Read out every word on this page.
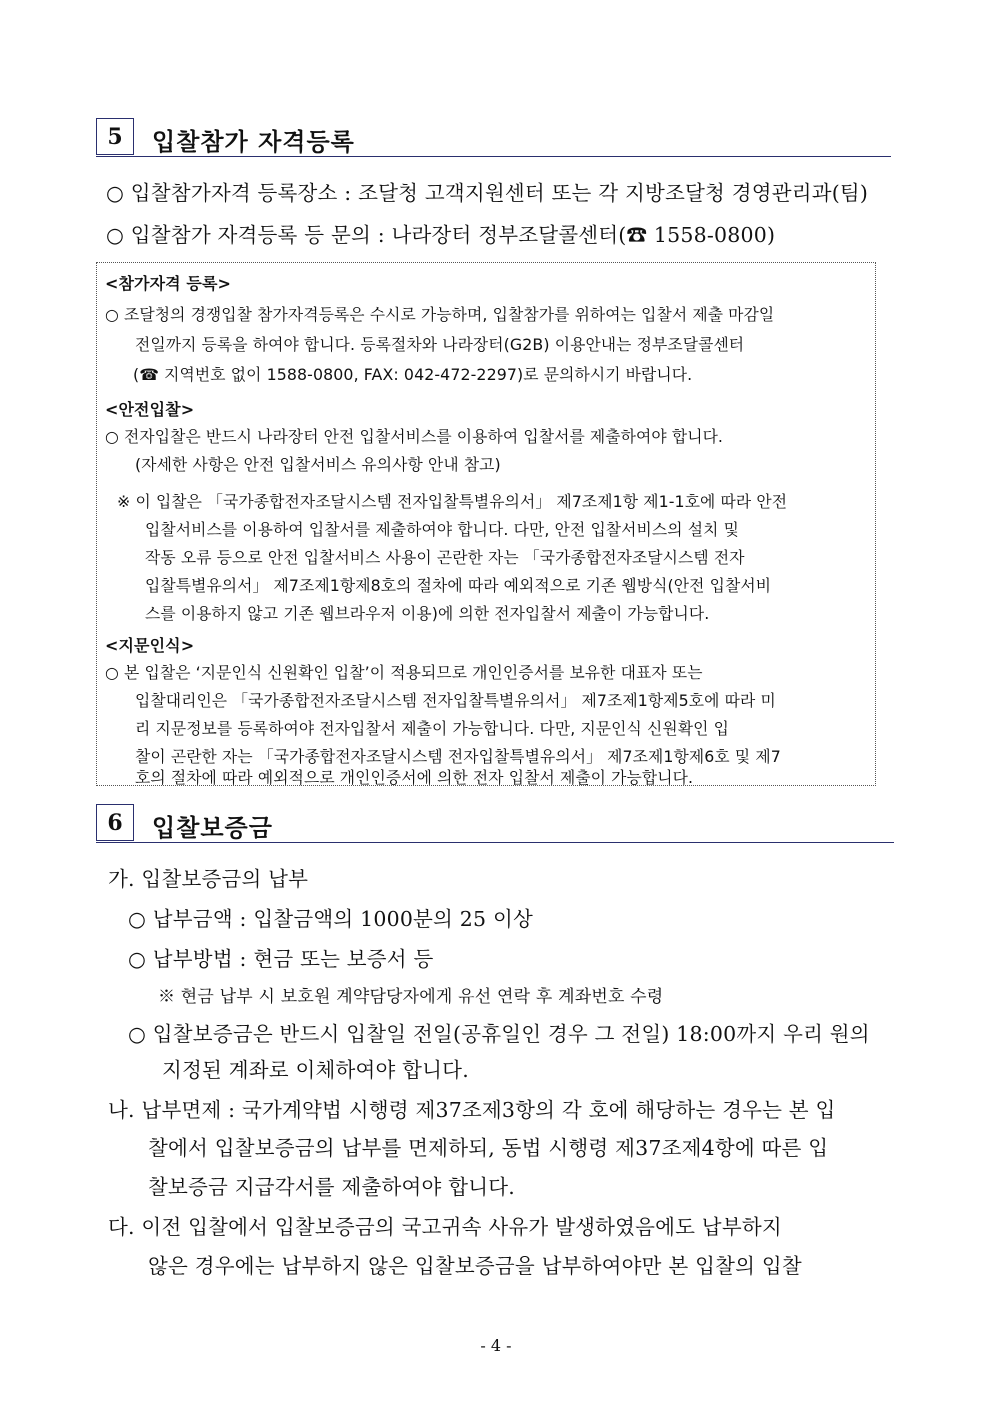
5	입찰참가 자격등록
○ 입찰참가자격 등록장소 : 조달청 고객지원센터 또는 각 지방조달청 경영관리과(팀)
○ 입찰참가 자격등록 등 문의 : 나라장터 정부조달콜센터(☎ 1558-0800)
<참가자격 등록>
○ 조달청의 경쟁입찰 참가자격등록은 수시로 가능하며, 입찰참가를 위하여는 입찰서 제출 마감일
전일까지 등록을 하여야 합니다. 등록절차와 나라장터(G2B) 이용안내는 정부조달콜센터
(☎ 지역번호 없이 1588-0800, FAX: 042-472-2297)로 문의하시기 바랍니다.
<안전입찰>
○ 전자입찰은 반드시 나라장터 안전 입찰서비스를 이용하여 입찰서를 제출하여야 합니다.
(자세한 사항은 안전 입찰서비스 유의사항 안내 참고)
※ 이 입찰은 「국가종합전자조달시스템 전자입찰특별유의서」 제7조제1항 제1-1호에 따라 안전
입찰서비스를 이용하여 입찰서를 제출하여야 합니다. 다만, 안전 입찰서비스의 설치 및
작동 오류 등으로 안전 입찰서비스 사용이 곤란한 자는 「국가종합전자조달시스템 전자
입찰특별유의서」 제7조제1항제8호의 절차에 따라 예외적으로 기존 웹방식(안전 입찰서비
스를 이용하지 않고 기존 웹브라우저 이용)에 의한 전자입찰서 제출이 가능합니다.
<지문인식>
○ 본 입찰은 ‘지문인식 신원확인 입찰’이 적용되므로 개인인증서를 보유한 대표자 또는
입찰대리인은 「국가종합전자조달시스템 전자입찰특별유의서」 제7조제1항제5호에 따라 미
리 지문정보를 등록하여야 전자입찰서 제출이 가능합니다. 다만, 지문인식 신원확인 입
찰이 곤란한 자는 「국가종합전자조달시스템 전자입찰특별유의서」 제7조제1항제6호 및 제7
호의 절차에 따라 예외적으로 개인인증서에 의한 전자 입찰서 제출이 가능합니다.
6	입찰보증금
가. 입찰보증금의 납부
○ 납부금액 : 입찰금액의 1000분의 25 이상
○ 납부방법 : 현금 또는 보증서 등
※ 현금 납부 시 보호원 계약담당자에게 유선 연락 후 계좌번호 수령
○ 입찰보증금은 반드시 입찰일 전일(공휴일인 경우 그 전일) 18:00까지 우리 원의
지정된 계좌로 이체하여야 합니다.
나. 납부면제 : 국가계약법 시행령 제37조제3항의 각 호에 해당하는 경우는 본 입
찰에서 입찰보증금의 납부를 면제하되, 동법 시행령 제37조제4항에 따른 입
찰보증금 지급각서를 제출하여야 합니다.
다. 이전 입찰에서 입찰보증금의 국고귀속 사유가 발생하였음에도 납부하지
않은 경우에는 납부하지 않은 입찰보증금을 납부하여야만 본 입찰의 입찰
- 4 -
